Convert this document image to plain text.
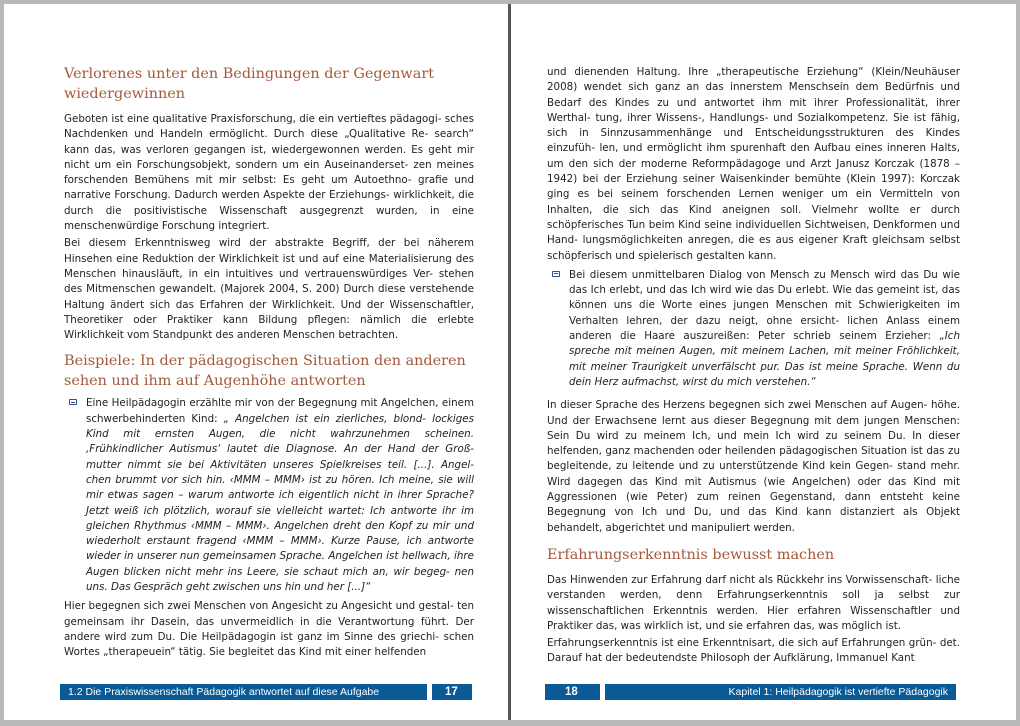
Verlorenes unter den Bedingungen der Gegenwart wiedergewinnen

Geboten ist eine qualitative Praxisforschung, die ein vertieftes pädagogi- sches Nachdenken und Handeln ermöglicht. Durch diese „Qualitative Re- search“ kann das, was verloren gegangen ist, wiedergewonnen werden. Es geht mir nicht um ein Forschungsobjekt, sondern um ein Auseinanderset- zen meines forschenden Bemühens mit mir selbst: Es geht um Autoethno- grafie und narrative Forschung. Dadurch werden Aspekte der Erziehungs- wirklichkeit, die durch die positivistische Wissenschaft ausgegrenzt wurden, in eine menschenwürdige Forschung integriert.

Bei diesem Erkenntnisweg wird der abstrakte Begriff, der bei näherem Hinsehen eine Reduktion der Wirklichkeit ist und auf eine Materialisierung des Menschen hinausläuft, in ein intuitives und vertrauenswürdiges Ver- stehen des Mitmenschen gewandelt. (Majorek 2004, S. 200) Durch diese verstehende Haltung ändert sich das Erfahren der Wirklichkeit. Und der Wissenschaftler, Theoretiker oder Praktiker kann Bildung pflegen: nämlich die erlebte Wirklichkeit vom Standpunkt des anderen Menschen betrachten.

Beispiele: In der pädagogischen Situation den anderen sehen und ihm auf Augenhöhe antworten
Eine Heilpädagogin erzählte mir von der Begegnung mit Angelchen, einem schwerbehinderten Kind: „ Angelchen ist ein zierliches, blond- lockiges Kind mit ernsten Augen, die nicht wahrzunehmen scheinen. ‚Frühkindlicher Autismus‘ lautet die Diagnose. An der Hand der Groß- mutter nimmt sie bei Aktivitäten unseres Spielkreises teil. [...]. Angel- chen brummt vor sich hin. ‹MMM – MMM› ist zu hören. Ich meine, sie will mir etwas sagen – warum antworte ich eigentlich nicht in ihrer Sprache? Jetzt weiß ich plötzlich, worauf sie vielleicht wartet: Ich antworte ihr im gleichen Rhythmus ‹MMM – MMM›. Angelchen dreht den Kopf zu mir und wiederholt erstaunt fragend ‹MMM – MMM›. Kurze Pause, ich antworte wieder in unserer nun gemeinsamen Sprache. Angelchen ist hellwach, ihre Augen blicken nicht mehr ins Leere, sie schaut mich an, wir begeg- nen uns. Das Gespräch geht zwischen uns hin und her [...]“

Hier begegnen sich zwei Menschen von Angesicht zu Angesicht und gestal- ten gemeinsam ihr Dasein, das unvermeidlich in die Verantwortung führt. Der andere wird zum Du. Die Heilpädagogin ist ganz im Sinne des griechi- schen Wortes „therapeuein“ tätig. Sie begleitet das Kind mit einer helfenden

1.2 Die Praxiswissenschaft Pädagogik antwortet auf diese Aufgabe	17

und dienenden Haltung. Ihre „therapeutische Erziehung“ (Klein/Neuhäuser 2008) wendet sich ganz an das innerstem Menschsein dem Bedürfnis und Bedarf des Kindes zu und antwortet ihm mit ihrer Professionalität, ihrer Werthal- tung, ihrer Wissens-, Handlungs- und Sozialkompetenz. Sie ist fähig, sich in Sinnzusammenhänge und Entscheidungsstrukturen des Kindes einzufüh- len, und ermöglicht ihm spurenhaft den Aufbau eines inneren Halts, um den sich der moderne Reformpädagoge und Arzt Janusz Korczak (1878 – 1942) bei der Erziehung seiner Waisenkinder bemühte (Klein 1997): Korczak ging es bei seinem forschenden Lernen weniger um ein Vermitteln von Inhalten, die sich das Kind aneignen soll. Vielmehr wollte er durch schöpferisches Tun beim Kind seine individuellen Sichtweisen, Denkformen und Hand- lungsmöglichkeiten anregen, die es aus eigener Kraft gleichsam selbst schöpferisch und spielerisch gestalten kann.

Bei diesem unmittelbaren Dialog von Mensch zu Mensch wird das Du wie das Ich erlebt, und das Ich wird wie das Du erlebt. Wie das gemeint ist, das können uns die Worte eines jungen Menschen mit Schwierigkeiten im Verhalten lehren, der dazu neigt, ohne ersicht- lichen Anlass einem anderen die Haare auszureißen: Peter schrieb seinem Erzieher: „Ich spreche mit meinen Augen, mit meinem Lachen, mit meiner Fröhlichkeit, mit meiner Traurigkeit unverfälscht pur. Das ist meine Sprache. Wenn du dein Herz aufmachst, wirst du mich verstehen.“

In dieser Sprache des Herzens begegnen sich zwei Menschen auf Augen- höhe. Und der Erwachsene lernt aus dieser Begegnung mit dem jungen Menschen: Sein Du wird zu meinem Ich, und mein Ich wird zu seinem Du. In dieser helfenden, ganz machenden oder heilenden pädagogischen Situation ist das zu begleitende, zu leitende und zu unterstützende Kind kein Gegen- stand mehr. Wird dagegen das Kind mit Autismus (wie Angelchen) oder das Kind mit Aggressionen (wie Peter) zum reinen Gegenstand, dann entsteht keine Begegnung von Ich und Du, und das Kind kann distanziert als Objekt behandelt, abgerichtet und manipuliert werden.

Erfahrungserkenntnis bewusst machen

Das Hinwenden zur Erfahrung darf nicht als Rückkehr ins Vorwissenschaft- liche verstanden werden, denn Erfahrungserkenntnis soll ja selbst zur wissenschaftlichen Erkenntnis werden. Hier erfahren Wissenschaftler und Praktiker das, was wirklich ist, und sie erfahren das, was möglich ist.

Erfahrungserkenntnis ist eine Erkenntnisart, die sich auf Erfahrungen grün- det. Darauf hat der bedeutendste Philosoph der Aufklärung, Immanuel Kant

18	Kapitel 1: Heilpädagogik ist vertiefte Pädagogik
